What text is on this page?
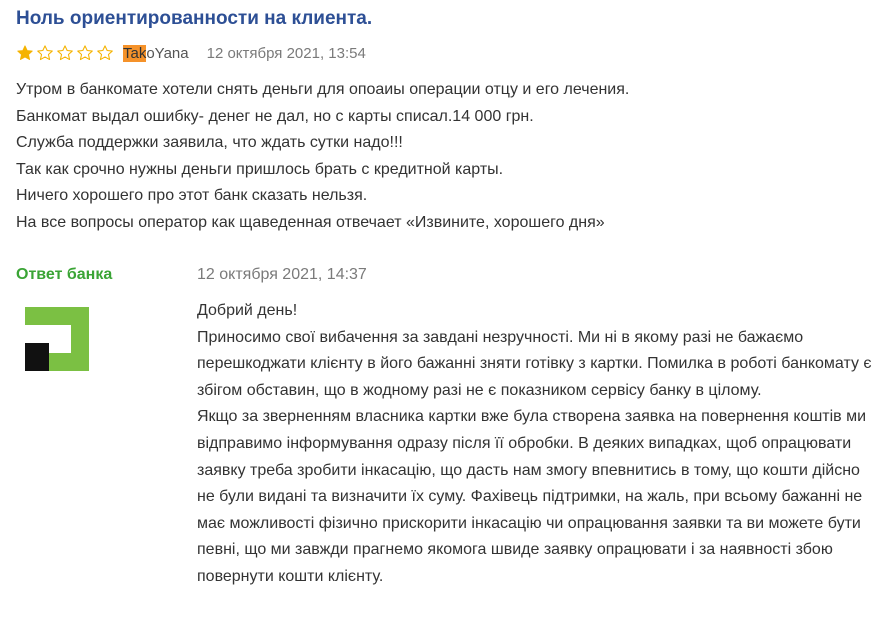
Ноль ориентированности на клиента.
TakoYana 12 октября 2021, 13:54

Утром в банкомате хотели снять деньги для опоаиы операции отцу и его лечения.

Банкомат выдал ошибку- денег не дал, но с карты списал.14 000 грн.

Служба поддержки заявила, что ждать сутки надо!!!

Так как срочно нужны деньги пришлось брать с кредитной карты.

Ничего хорошего про этот банк сказать нельзя.

На все вопросы оператор как щаведенная отвечает «Извините, хорошего дня»

Ответ банка	12 октября 2021, 14:37

Добрий день!

Приносимо свої вибачення за завдані незручності. Ми ні в якому разі не бажаємо перешкоджати клієнту в його бажанні зняти готівку з картки. Помилка в роботі банкомату є збігом обставин, що в жодному разі не є показником сервісу банку в цілому.

Якщо за зверненням власника картки вже була створена заявка на повернення коштів ми відправимо інформування одразу після її обробки. В деяких випадках, щоб опрацювати заявку треба зробити інкасацію, що дасть нам змогу впевнитись в тому, що кошти дійсно не були видані та визначити їх суму. Фахівець підтримки, на жаль, при всьому бажанні не має можливості фізично прискорити інкасацію чи опрацювання заявки та ви можете бути певні, що ми завжди прагнемо якомога швиде заявку опрацювати і за наявності збою повернути кошти клієнту.
